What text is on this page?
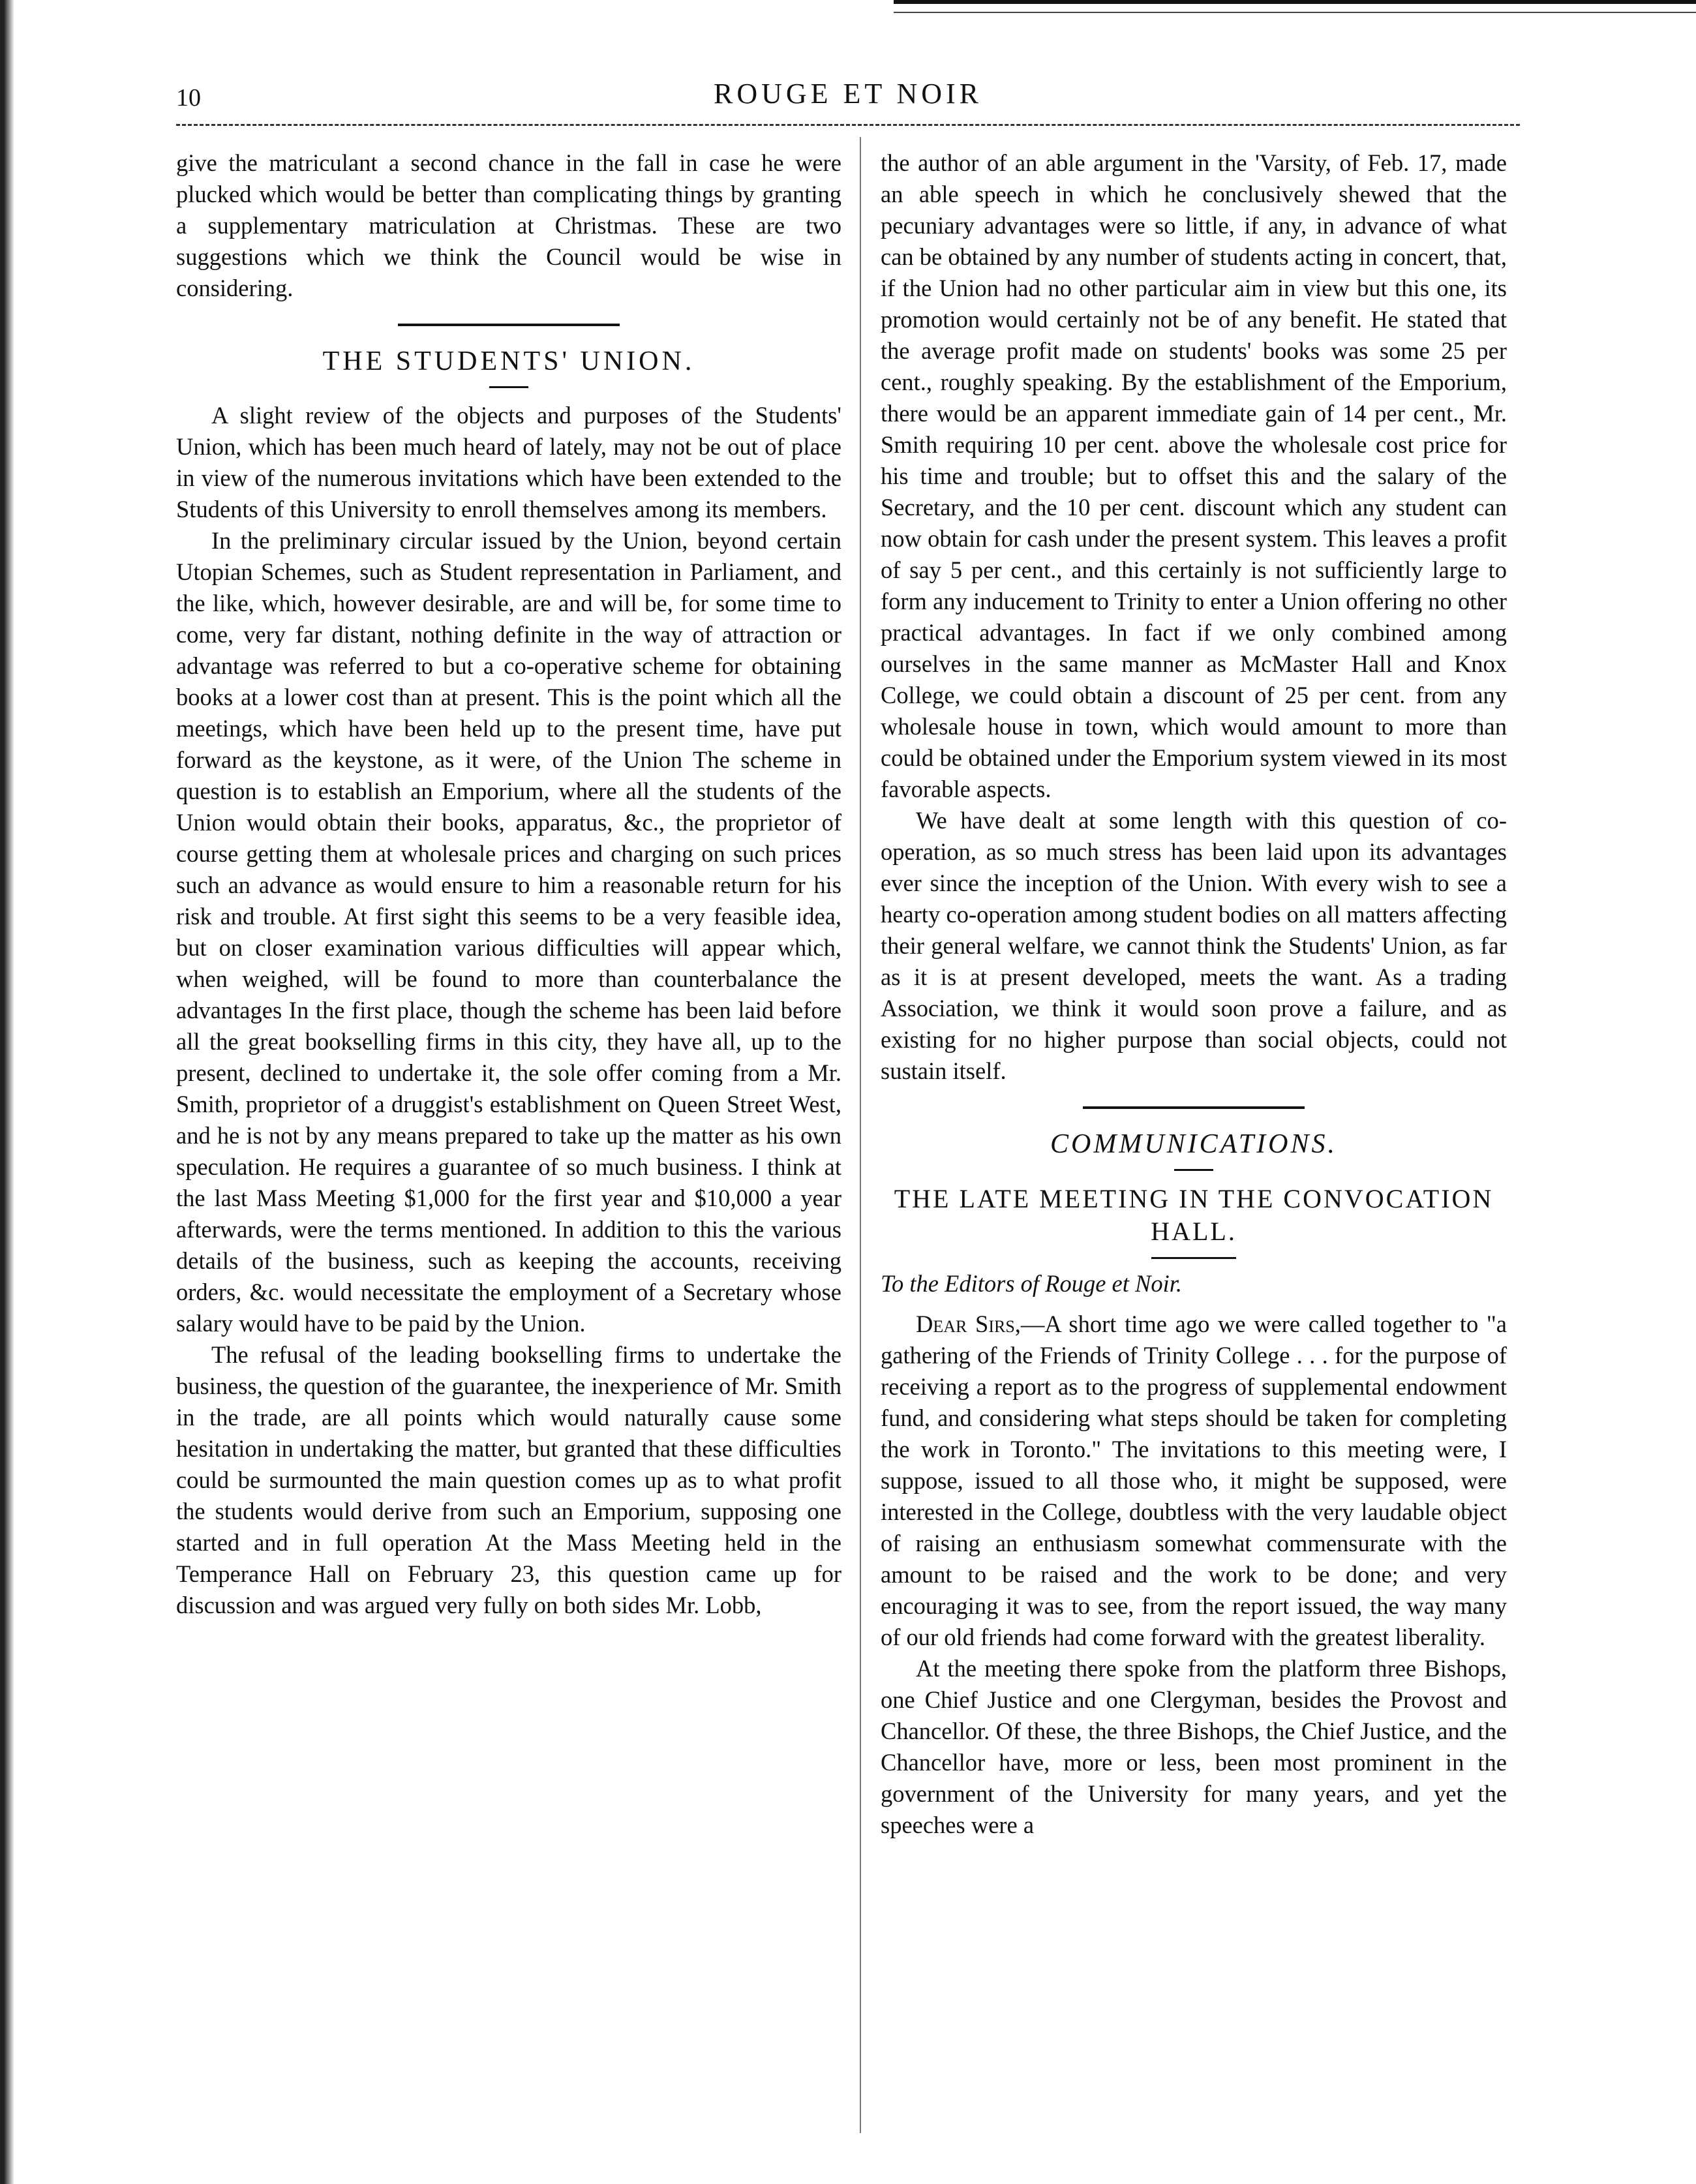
10	ROUGE ET NOIR

give the matriculant a second chance in the fall in case he were plucked which would be better than complicating things by granting a supplementary matriculation at Christmas. These are two suggestions which we think the Council would be wise in considering.

THE STUDENTS' UNION.

A slight review of the objects and purposes of the Students' Union, which has been much heard of lately, may not be out of place in view of the numerous invitations which have been extended to the Students of this University to enroll themselves among its members.

In the preliminary circular issued by the Union, beyond certain Utopian Schemes, such as Student representation in Parliament, and the like, which, however desirable, are and will be, for some time to come, very far distant, nothing definite in the way of attraction or advantage was referred to but a co-operative scheme for obtaining books at a lower cost than at present. This is the point which all the meetings, which have been held up to the present time, have put forward as the keystone, as it were, of the Union The scheme in question is to establish an Emporium, where all the students of the Union would obtain their books, apparatus, &c., the proprietor of course getting them at wholesale prices and charging on such prices such an advance as would ensure to him a reasonable return for his risk and trouble. At first sight this seems to be a very feasible idea, but on closer examination various difficulties will appear which, when weighed, will be found to more than counterbalance the advantages In the first place, though the scheme has been laid before all the great bookselling firms in this city, they have all, up to the present, declined to undertake it, the sole offer coming from a Mr. Smith, proprietor of a druggist's establishment on Queen Street West, and he is not by any means prepared to take up the matter as his own speculation. He requires a guarantee of so much business. I think at the last Mass Meeting $1,000 for the first year and $10,000 a year afterwards, were the terms mentioned. In addition to this the various details of the business, such as keeping the accounts, receiving orders, &c. would necessitate the employment of a Secretary whose salary would have to be paid by the Union.

The refusal of the leading bookselling firms to undertake the business, the question of the guarantee, the inexperience of Mr. Smith in the trade, are all points which would naturally cause some hesitation in undertaking the matter, but granted that these difficulties could be surmounted the main question comes up as to what profit the students would derive from such an Emporium, supposing one started and in full operation At the Mass Meeting held in the Temperance Hall on February 23, this question came up for discussion and was argued very fully on both sides Mr. Lobb,

the author of an able argument in the 'Varsity, of Feb. 17, made an able speech in which he conclusively shewed that the pecuniary advantages were so little, if any, in advance of what can be obtained by any number of students acting in concert, that, if the Union had no other particular aim in view but this one, its promotion would certainly not be of any benefit. He stated that the average profit made on students' books was some 25 per cent., roughly speaking. By the establishment of the Emporium, there would be an apparent immediate gain of 14 per cent., Mr. Smith requiring 10 per cent. above the wholesale cost price for his time and trouble; but to offset this and the salary of the Secretary, and the 10 per cent. discount which any student can now obtain for cash under the present system. This leaves a profit of say 5 per cent., and this certainly is not sufficiently large to form any inducement to Trinity to enter a Union offering no other practical advantages. In fact if we only combined among ourselves in the same manner as McMaster Hall and Knox College, we could obtain a discount of 25 per cent. from any wholesale house in town, which would amount to more than could be obtained under the Emporium system viewed in its most favorable aspects.

We have dealt at some length with this question of co-operation, as so much stress has been laid upon its advantages ever since the inception of the Union. With every wish to see a hearty co-operation among student bodies on all matters affecting their general welfare, we cannot think the Students' Union, as far as it is at present developed, meets the want. As a trading Association, we think it would soon prove a failure, and as existing for no higher purpose than social objects, could not sustain itself.

COMMUNICATIONS.
THE LATE MEETING IN THE CONVOCATION HALL.

To the Editors of Rouge et Noir.

Dear Sirs,—A short time ago we were called together to "a gathering of the Friends of Trinity College . . . for the purpose of receiving a report as to the progress of supplemental endowment fund, and considering what steps should be taken for completing the work in Toronto." The invitations to this meeting were, I suppose, issued to all those who, it might be supposed, were interested in the College, doubtless with the very laudable object of raising an enthusiasm somewhat commensurate with the amount to be raised and the work to be done; and very encouraging it was to see, from the report issued, the way many of our old friends had come forward with the greatest liberality.

At the meeting there spoke from the platform three Bishops, one Chief Justice and one Clergyman, besides the Provost and Chancellor. Of these, the three Bishops, the Chief Justice, and the Chancellor have, more or less, been most prominent in the government of the University for many years, and yet the speeches were a
